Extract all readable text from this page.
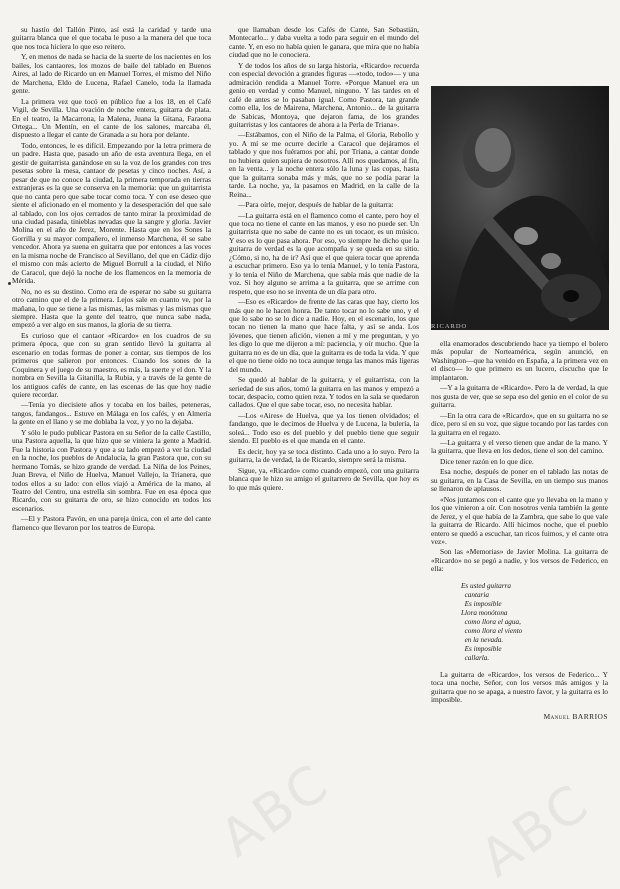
su hastío del Tallón Pinto, así está la caridad y tarde una guitarra blanca que el que tocaba le puso a la manera del que toca que nos toca hiciera lo que eso reitero.

Y, en menos de nada se hacia de la suerte de los nacientes en los bailes, los cantaores, los mozos de baile del tablado en Buenos Aires, al lado de Ricardo un en Manuel Torres, el mismo del Niño de Marchena, Eldo de Lucena, Rafael Canelo, toda la llamada gente.

La primera vez que tocó en público fue a los 18, en el Café Vigil, de Sevilla. Una ovación de noche entera, guitarra de plata. En el teatro, la Macarrona, la Malena, Juana la Gitana, Faraona Ortega... Un Mentín, en el cante de los salones, marcaba él, dispuesto a llegar el cante de Granada a su hora por delante.

Todo, entonces, le es difícil. Empezando por la letra primera de un padre. Hasta que, pasado un año de esta aventura llega, en el gestir de guitarrista ganándose en su la voz de los grandes con tres pesetas sobre la mesa, cantaor de pesetas y cinco noches. Así, a pesar de que no conoce la ciudad, la primera temporada en tierras extranjeras es la que se conserva en la memoria: que un guitarrista que no canta pero que sabe tocar como toca. Y con ese deseo que siente el aficionado en el momento y la desesperación del que sale al tablado, con los ojos cerrados de tanto mirar la proximidad de una ciudad pasada, tinieblas nevadas que la sangre y gloria. Javier Molina en el año de Jerez, Morente. Hasta que en los Sones la Gorrilla y su mayor compañero, el inmenso Marchena, él se sabe vencedor. Ahora ya suena en guitarra que por entonces a las voces en la misma noche de Francisco al Sevillano, del que en Cádiz dijo el mismo con más acierto de Miguel Borrull a la ciudad, el Niño de Caracol, que dejó la noche de los flamencos en la memoria de Mérida.

No, no es su destino. Como era de esperar no sabe su guitarra otro camino que el de la primera. Lejos sale en cuanto ve, por la mañana, lo que se tiene a las mismas, las mismas y las mismas que siempre. Hasta que la gente del teatro, que nunca sabe nada, empezó a ver algo en sus manos, la gloria de su tierra.

Es curioso que el cantaor «Ricardo» en los cuadros de su primera época, que con su gran sentido llevó la guitarra al escenario en todas formas de poner a contar, sus tiempos de los primeros que salieron por entonces. Cuando los sones de la Coquinera y el juego de su maestro, es más, la suerte y el don. Y la nombra en Sevilla la Gitanilla, la Rubia, y a través de la gente de los antiguos cafés de cante, en las escenas de las que hoy nadie quiere recordar.

—Tenía yo diecisiete años y tocaba en los bailes, peteneras, tangos, fandangos... Estuve en Málaga en los cafés, y en Almería la gente en el llano y se me doblaba la voz, y yo no la dejaba.

Y sólo le pudo publicar Pastora en su Señor de la calle Castillo, una Pastora aquella, la que hizo que se viniera la gente a Madrid. Fue la historia con Pastora y que a su lado empezó a ver la ciudad en la noche, los pueblos de Andalucía, la gran Pastora que, con su hermano Tomás, se hizo grande de verdad. La Niña de los Peines, Juan Breva, el Niño de Huelva, Manuel Vallejo, la Trianera, que todos ellos a su lado: con ellos viajó a América de la mano, al Teatro del Centro, una estrella sin sombra. Fue en esa época que Ricardo, con su guitarra de oro, se hizo conocido en todos los escenarios.

—El y Pastora Pavón, en una pareja única, con el arte del cante flamenco que llevaron por los teatros de Europa.

que llamaban desde los Cafés de Cante, San Sebastián, Montecarlo... y daba vuelta a todo para seguir en el mundo del cante. Y, en eso no había quien le ganara, que mira que no había ciudad que no le conociera.

Y de todos los años de su larga historia, «Ricardo» recuerda con especial devoción a grandes figuras —«todo, todo»— y una admiración rendida a Manuel Torre. «Porque Manuel era un genio en verdad y como Manuel, ninguno. Y las tardes en el café de antes se lo pasaban igual. Como Pastora, tan grande como ella, los de Mairena, Marchena, Antonio... de la guitarra de Sabicas, Montoya, que dejaron fama, de los grandes guitarristas y los cantaores de ahora a la Perla de Triana».

—Estábamos, con el Niño de la Palma, el Gloria, Rebollo y yo. A mí se me ocurre decirle a Caracol que dejáramos el tablado y que nos fuéramos por ahí, por Triana, a cantar donde no hubiera quien supiera de nosotros. Allí nos quedamos, al fin, en la venta... y la noche entera sólo la luna y las copas, hasta que la guitarra sonaba más y más, que no se podía parar la tarde. La noche, ya, la pasamos en Madrid, en la calle de la Reina...

—Para oírle, mejor, después de hablar de la guitarra:

—La guitarra está en el flamenco como el cante, pero hoy el que toca no tiene el cante en las manos, y eso no puede ser. Un guitarrista que no sabe de cante no es un tocaor, es un músico. Y eso es lo que pasa ahora. Por eso, yo siempre he dicho que la guitarra de verdad es la que acompaña y se queda en su sitio. ¿Cómo, si no, ha de ir? Así que el que quiera tocar que aprenda a escuchar primero. Eso ya lo tenía Manuel, y lo tenía Pastora, y lo tenía el Niño de Marchena, que sabía más que nadie de la voz. Si hoy alguno se arrima a la guitarra, que se arrime con respeto, que eso no se inventa de un día para otro.

—Eso es «Ricardo» de frente de las caras que hay, cierto los más que no le hacen honra. De tanto tocar no lo sabe uno, y el que lo sabe no se lo dice a nadie. Hoy, en el escenario, los que tocan no tienen la mano que hace falta, y así se anda. Los jóvenes, que tienen afición, vienen a mí y me preguntan, y yo les digo lo que me dijeron a mí: paciencia, y oír mucho. Que la guitarra no es de un día, que la guitarra es de toda la vida. Y que el que no tiene oído no toca aunque tenga las manos más ligeras del mundo.

Se quedó al hablar de la guitarra, y el guitarrista, con la seriedad de sus años, tomó la guitarra en las manos y empezó a tocar, despacio, como quien reza. Y todos en la sala se quedaron callados. Que el que sabe tocar, eso, no necesita hablar.

—Los «Aires» de Huelva, que ya los tienen olvidados; el fandango, que le decimos de Huelva y de Lucena, la bulería, la soleá... Todo eso es del pueblo y del pueblo tiene que seguir siendo. El pueblo es el que manda en el cante.

Es decir, hoy ya se toca distinto. Cada uno a lo suyo. Pero la guitarra, la de verdad, la de Ricardo, siempre será la misma.

Sigue, ya, «Ricardo» como cuando empezó, con una guitarra blanca que le hizo su amigo el guitarrero de Sevilla, que hoy es lo que más quiere.

RICARDO

ella enamorados descubriendo hace ya tiempo el bolero más popular de Norteamérica, según anunció, en Washington—que ha venido en España, a la primera vez en el disco— lo que primero es un lucero, ciscucho que le implantaron.

—Y a la guitarra de «Ricardo». Pero la de verdad, la que nos gusta de ver, que se sepa eso del genio en el color de su guitarra.

—En la otra cara de «Ricardo», que en su guitarra no se dice, pero sí en su voz, que sigue tocando por las tardes con la guitarra en el regazo.

—La guitarra y el verso tienen que andar de la mano. Y la guitarra, que lleva en los dedos, tiene el son del camino.

Dice tener razón en lo que dice.

Esa noche, después de poner en el tablado las notas de su guitarra, en la Casa de Sevilla, en un tiempo sus manos se llenaron de aplausos.

«Nos juntamos con el cante que yo llevaba en la mano y los que vinieron a oír. Con nosotros venía también la gente de Jerez, y el que había de la Zambra, que sabe lo que vale la guitarra de Ricardo. Allí hicimos noche, que el pueblo entero se quedó a escuchar, tan ricos fuimos, y el cante otra vez».

Son las «Memorias» de Javier Molina. La guitarra de «Ricardo» no se pegó a nadie, y los versos de Federico, en ella:

Es usted guitarra
cantaria
Es imposible
Llora monótona
como llora el agua,
como llora el viento
en la nevada.
Es imposible
callarla.

La guitarra de «Ricardo», los versos de Federico... Y toca una noche, Señor, con los versos más amigos y la guitarra que no se apaga, a nuestro favor, y la guitarra es lo imposible.

Manuel BARRIOS
ABC ABC
